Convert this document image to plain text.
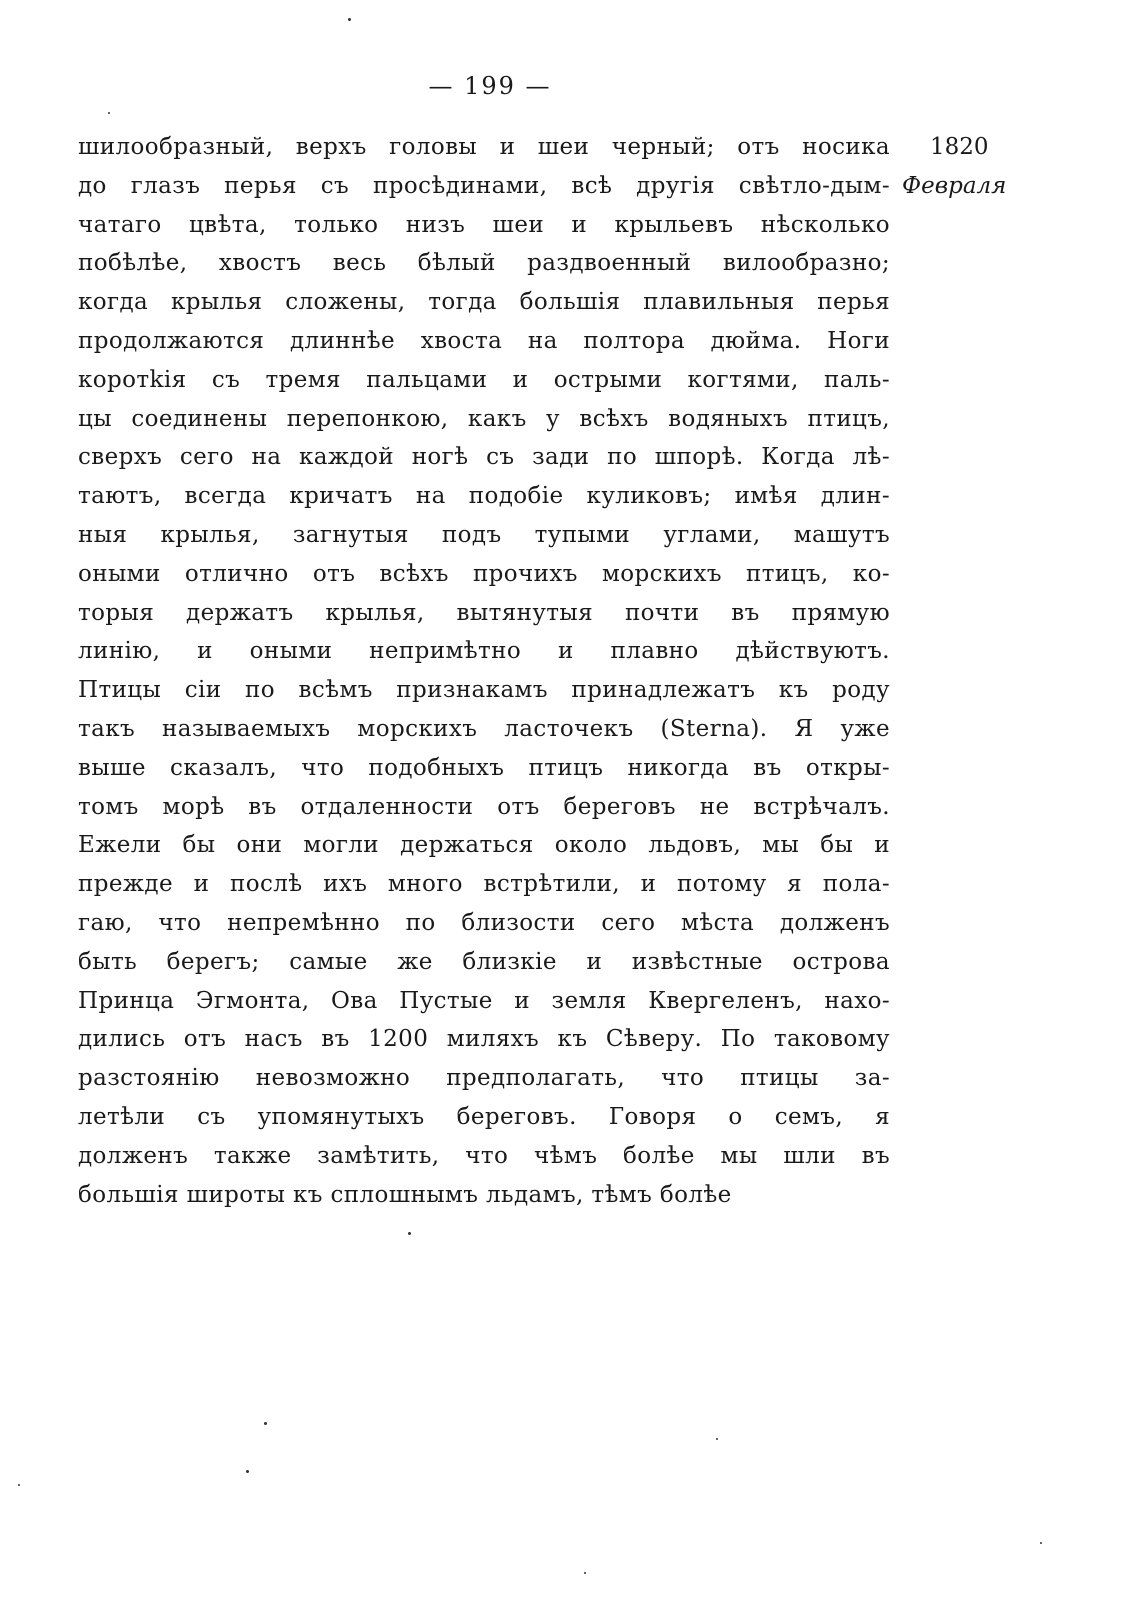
— 199 —
1820
Февраля
шилообразный, верхъ головы и шеи черный; отъ носика
до глазъ перья съ просѣдинами, всѣ другія свѣтло-дым-
чатаго цвѣта, только низъ шеи и крыльевъ нѣсколько
побѣлѣе, хвостъ весь бѣлый раздвоенный вилообразно;
когда крылья сложены, тогда большія плавильныя перья
продолжаются длиннѣе хвоста на полтора дюйма. Ноги
коротkія съ тремя пальцами и острыми когтями, паль-
цы соединены перепонкою, какъ у всѣхъ водяныхъ птицъ,
сверхъ сего на каждой ногѣ съ зади по шпорѣ. Когда лѣ-
таютъ, всегда кричатъ на подобіе куликовъ; имѣя длин-
ныя крылья, загнутыя подъ тупыми углами, машутъ
оными отлично отъ всѣхъ прочихъ морскихъ птицъ, ко-
торыя держатъ крылья, вытянутыя почти въ прямую
линію, и оными непримѣтно и плавно дѣйствуютъ.
Птицы сіи по всѣмъ признакамъ принадлежатъ къ роду
такъ называемыхъ морскихъ ласточекъ (Sterna). Я уже
выше сказалъ, что подобныхъ птицъ никогда въ откры-
томъ морѣ въ отдаленности отъ береговъ не встрѣчалъ.
Ежели бы они могли держаться около льдовъ, мы бы и
прежде и послѣ ихъ много встрѣтили, и потому я пола-
гаю, что непремѣнно по близости сего мѣста долженъ
быть берегъ; самые же близкіе и извѣстные острова
Принца Эгмонта, Ова Пустые и земля Квергеленъ, нахо-
дились отъ насъ въ 1200 миляхъ къ Сѣверу. По таковому
разстоянію невозможно предполагать, что птицы за-
летѣли съ упомянутыхъ береговъ. Говоря о семъ, я
долженъ также замѣтить, что чѣмъ болѣе мы шли въ
большія широты къ сплошнымъ льдамъ, тѣмъ болѣе
